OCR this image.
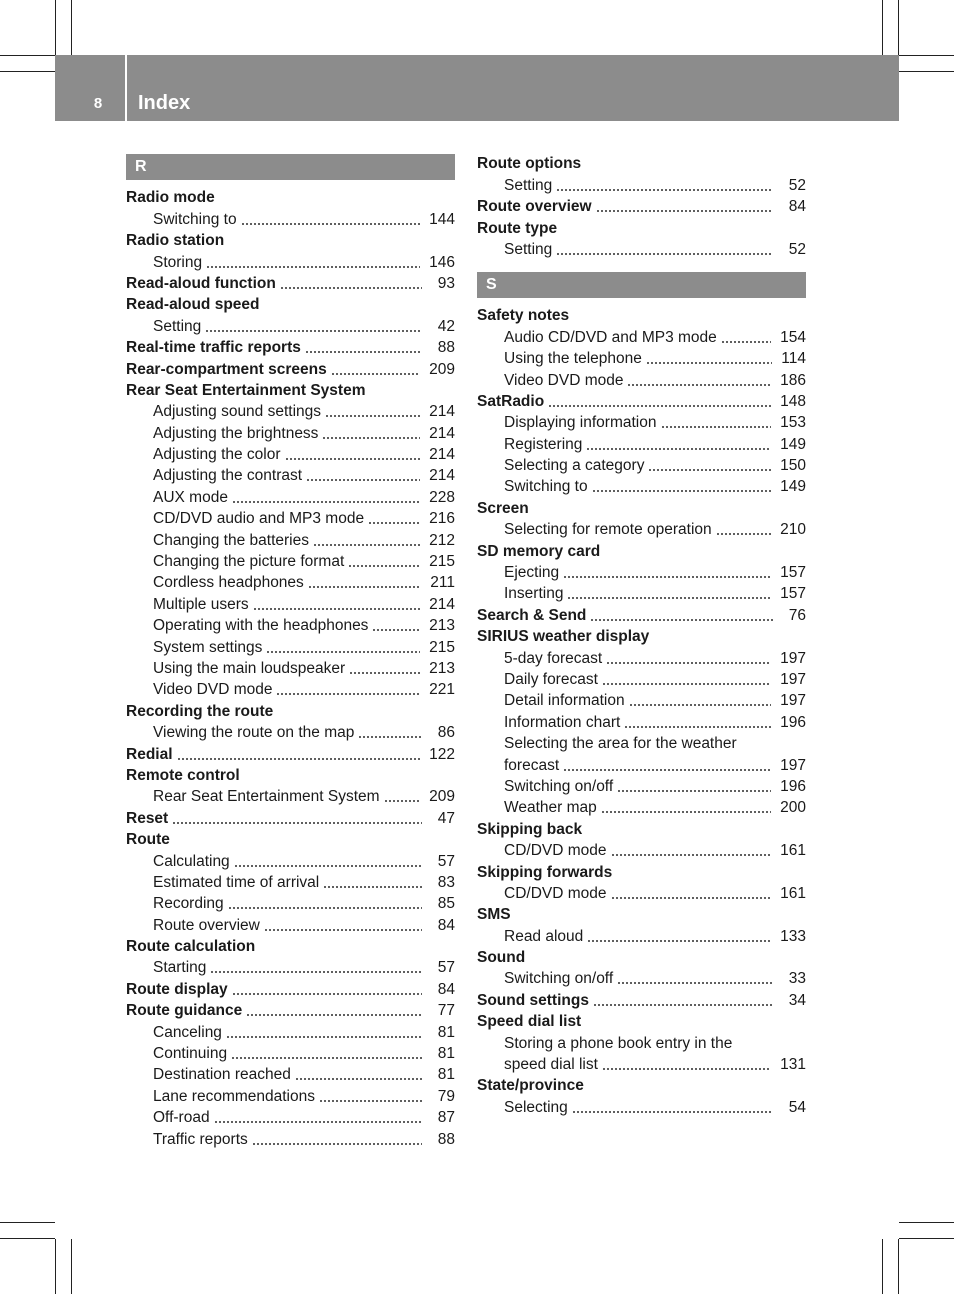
8	Index
R
Radio mode
Switching to	144
Radio station
Storing	146
Read-aloud function	93
Read-aloud speed
Setting	42
Real-time traffic reports	88
Rear-compartment screens	209
Rear Seat Entertainment System
Adjusting sound settings	214
Adjusting the brightness	214
Adjusting the color	214
Adjusting the contrast	214
AUX mode	228
CD/DVD audio and MP3 mode	216
Changing the batteries	212
Changing the picture format	215
Cordless headphones	211
Multiple users	214
Operating with the headphones	213
System settings	215
Using the main loudspeaker	213
Video DVD mode	221
Recording the route
Viewing the route on the map	86
Redial	122
Remote control
Rear Seat Entertainment System	209
Reset	47
Route
Calculating	57
Estimated time of arrival	83
Recording	85
Route overview	84
Route calculation
Starting	57
Route display	84
Route guidance	77
Canceling	81
Continuing	81
Destination reached	81
Lane recommendations	79
Off-road	87
Traffic reports	88
Route options
Setting	52
Route overview	84
Route type
Setting	52
S
Safety notes
Audio CD/DVD and MP3 mode	154
Using the telephone	114
Video DVD mode	186
SatRadio	148
Displaying information	153
Registering	149
Selecting a category	150
Switching to	149
Screen
Selecting for remote operation	210
SD memory card
Ejecting	157
Inserting	157
Search & Send	76
SIRIUS weather display
5-day forecast	197
Daily forecast	197
Detail information	197
Information chart	196
Selecting the area for the weather
forecast	197
Switching on/off	196
Weather map	200
Skipping back
CD/DVD mode	161
Skipping forwards
CD/DVD mode	161
SMS
Read aloud	133
Sound
Switching on/off	33
Sound settings	34
Speed dial list
Storing a phone book entry in the
speed dial list	131
State/province
Selecting	54
